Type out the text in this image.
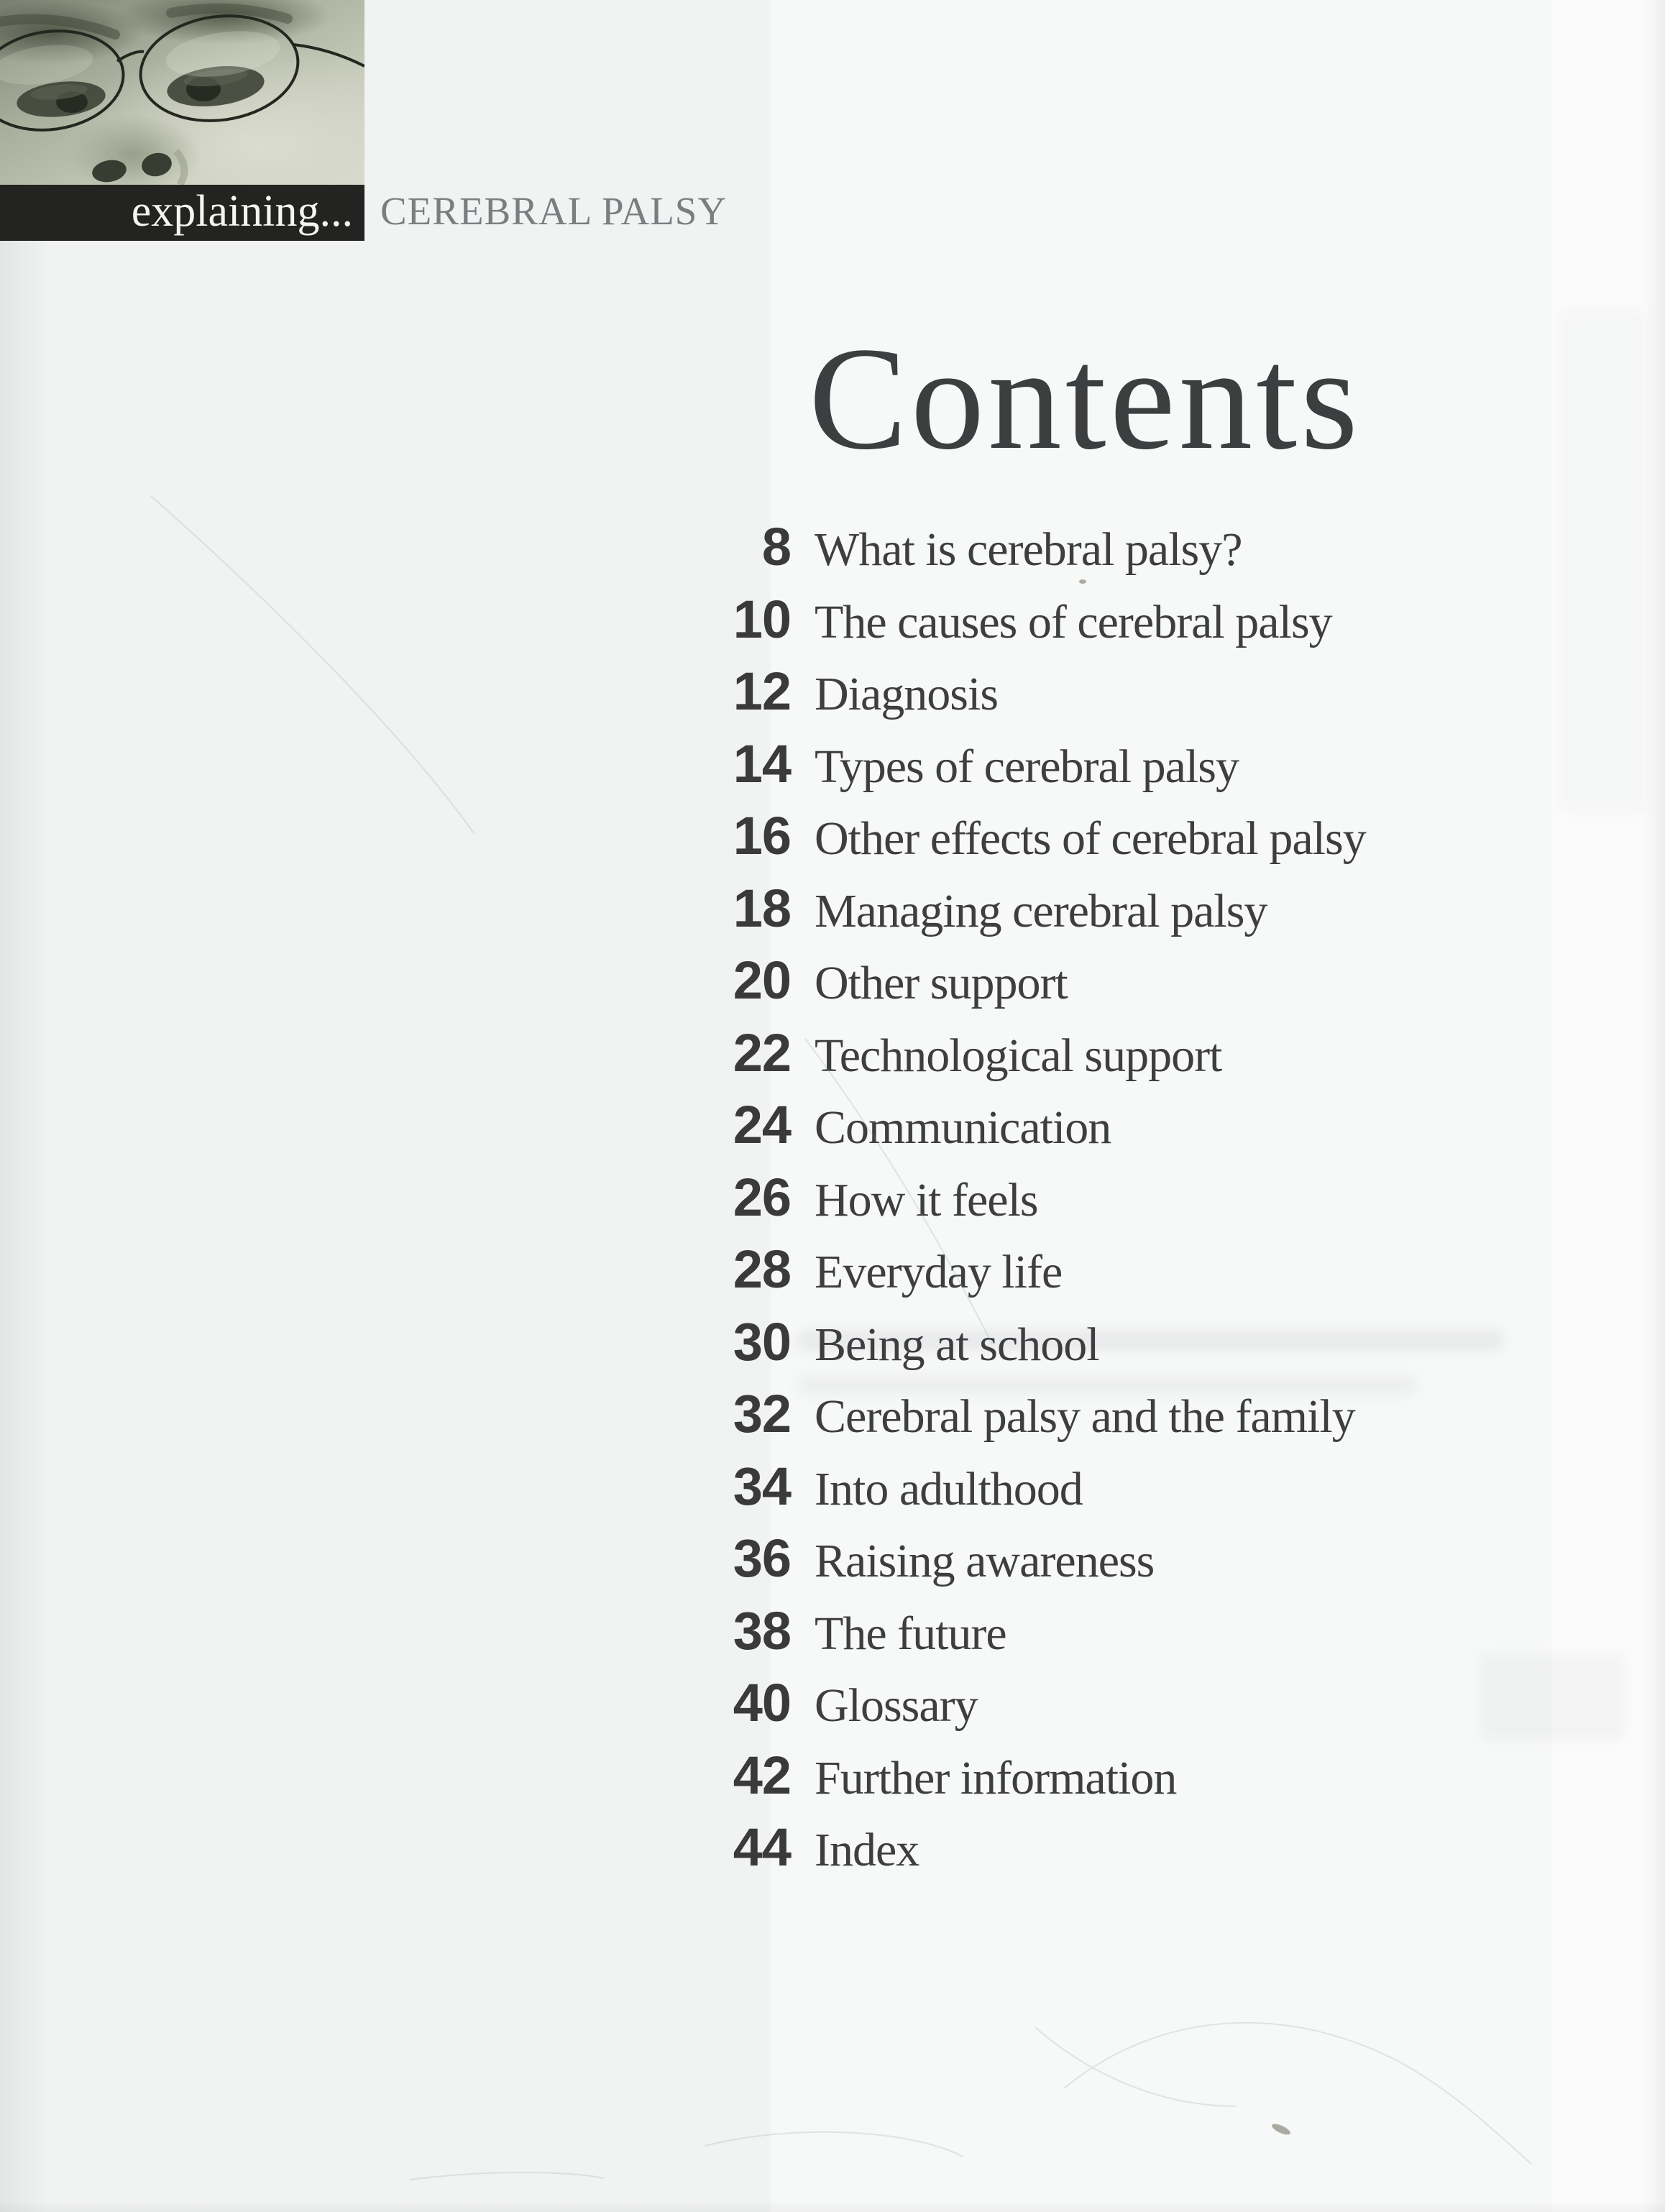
explaining... CEREBRAL PALSY
Contents
8 What is cerebral palsy?
10 The causes of cerebral palsy
12 Diagnosis
14 Types of cerebral palsy
16 Other effects of cerebral palsy
18 Managing cerebral palsy
20 Other support
22 Technological support
24 Communication
26 How it feels
28 Everyday life
30 Being at school
32 Cerebral palsy and the family
34 Into adulthood
36 Raising awareness
38 The future
40 Glossary
42 Further information
44 Index
